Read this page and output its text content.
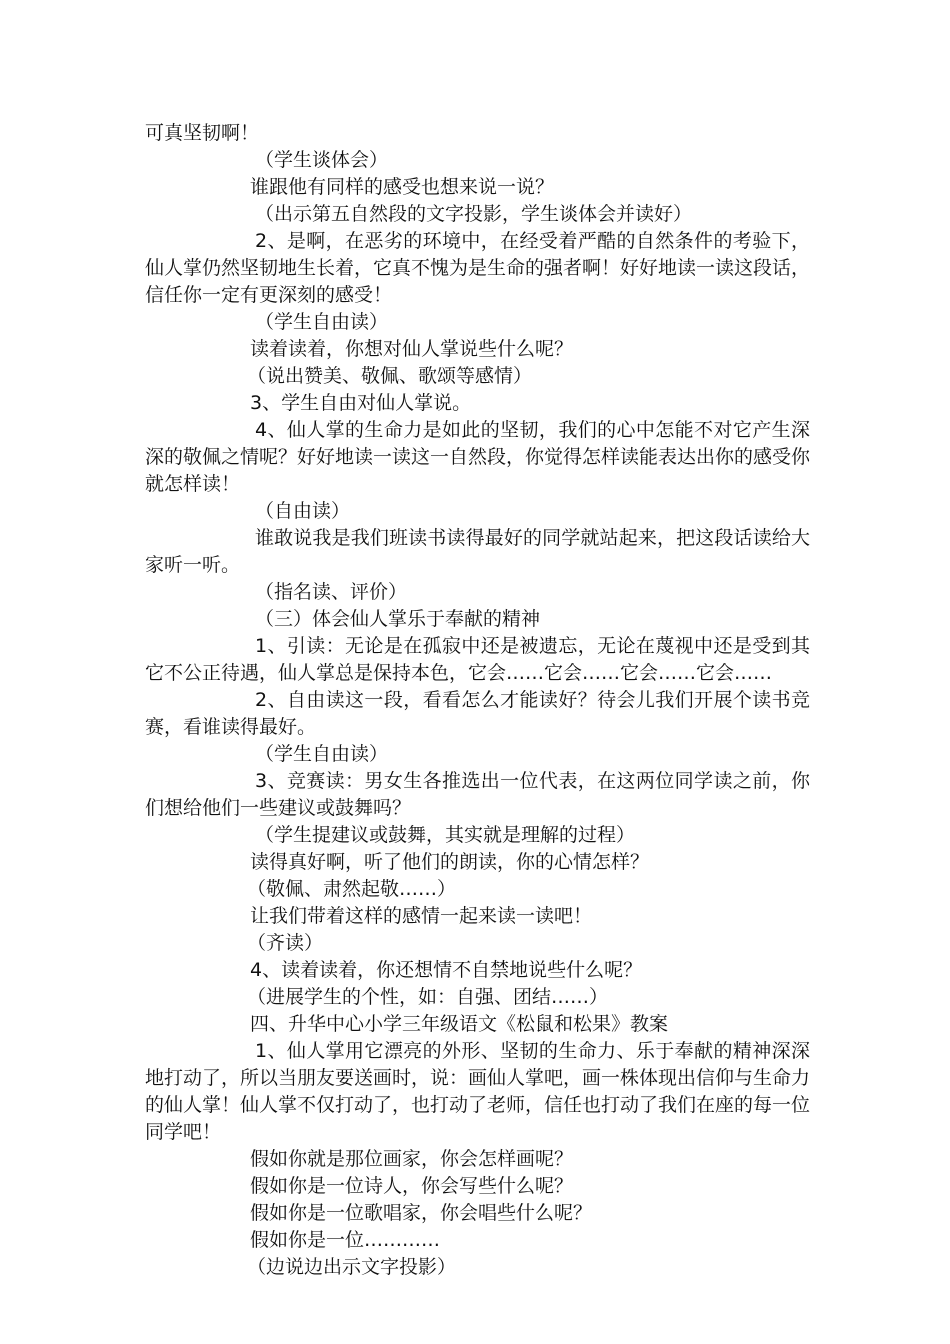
可真坚韧啊！

（学生谈体会）

谁跟他有同样的感受也想来说一说？

（出示第五自然段的文字投影，学生谈体会并读好）

2、是啊，在恶劣的环境中，在经受着严酷的自然条件的考验下，仙人掌仍然坚韧地生长着，它真不愧为是生命的强者啊！好好地读一读这段话，信任你一定有更深刻的感受！

（学生自由读）

读着读着，你想对仙人掌说些什么呢？

（说出赞美、敬佩、歌颂等感情）

3、学生自由对仙人掌说。

4、仙人掌的生命力是如此的坚韧，我们的心中怎能不对它产生深深的敬佩之情呢？好好地读一读这一自然段，你觉得怎样读能表达出你的感受你就怎样读！

（自由读）

谁敢说我是我们班读书读得最好的同学就站起来，把这段话读给大家听一听。

（指名读、评价）

（三）体会仙人掌乐于奉献的精神

1、引读：无论是在孤寂中还是被遗忘，无论在蔑视中还是受到其它不公正待遇，仙人掌总是保持本色，它会……它会……它会……它会……

2、自由读这一段，看看怎么才能读好？待会儿我们开展个读书竞赛，看谁读得最好。

（学生自由读）

3、竞赛读：男女生各推选出一位代表，在这两位同学读之前，你们想给他们一些建议或鼓舞吗？

（学生提建议或鼓舞，其实就是理解的过程）

读得真好啊，听了他们的朗读，你的心情怎样？

（敬佩、肃然起敬……）

让我们带着这样的感情一起来读一读吧！

（齐读）

4、读着读着，你还想情不自禁地说些什么呢？

（进展学生的个性，如：自强、团结……）

四、升华中心小学三年级语文《松鼠和松果》教案

1、仙人掌用它漂亮的外形、坚韧的生命力、乐于奉献的精神深深地打动了，所以当朋友要送画时，说：画仙人掌吧，画一株体现出信仰与生命力的仙人掌！仙人掌不仅打动了，也打动了老师，信任也打动了我们在座的每一位同学吧！

假如你就是那位画家，你会怎样画呢？

假如你是一位诗人，你会写些什么呢？

假如你是一位歌唱家，你会唱些什么呢？

假如你是一位…………

（边说边出示文字投影）
